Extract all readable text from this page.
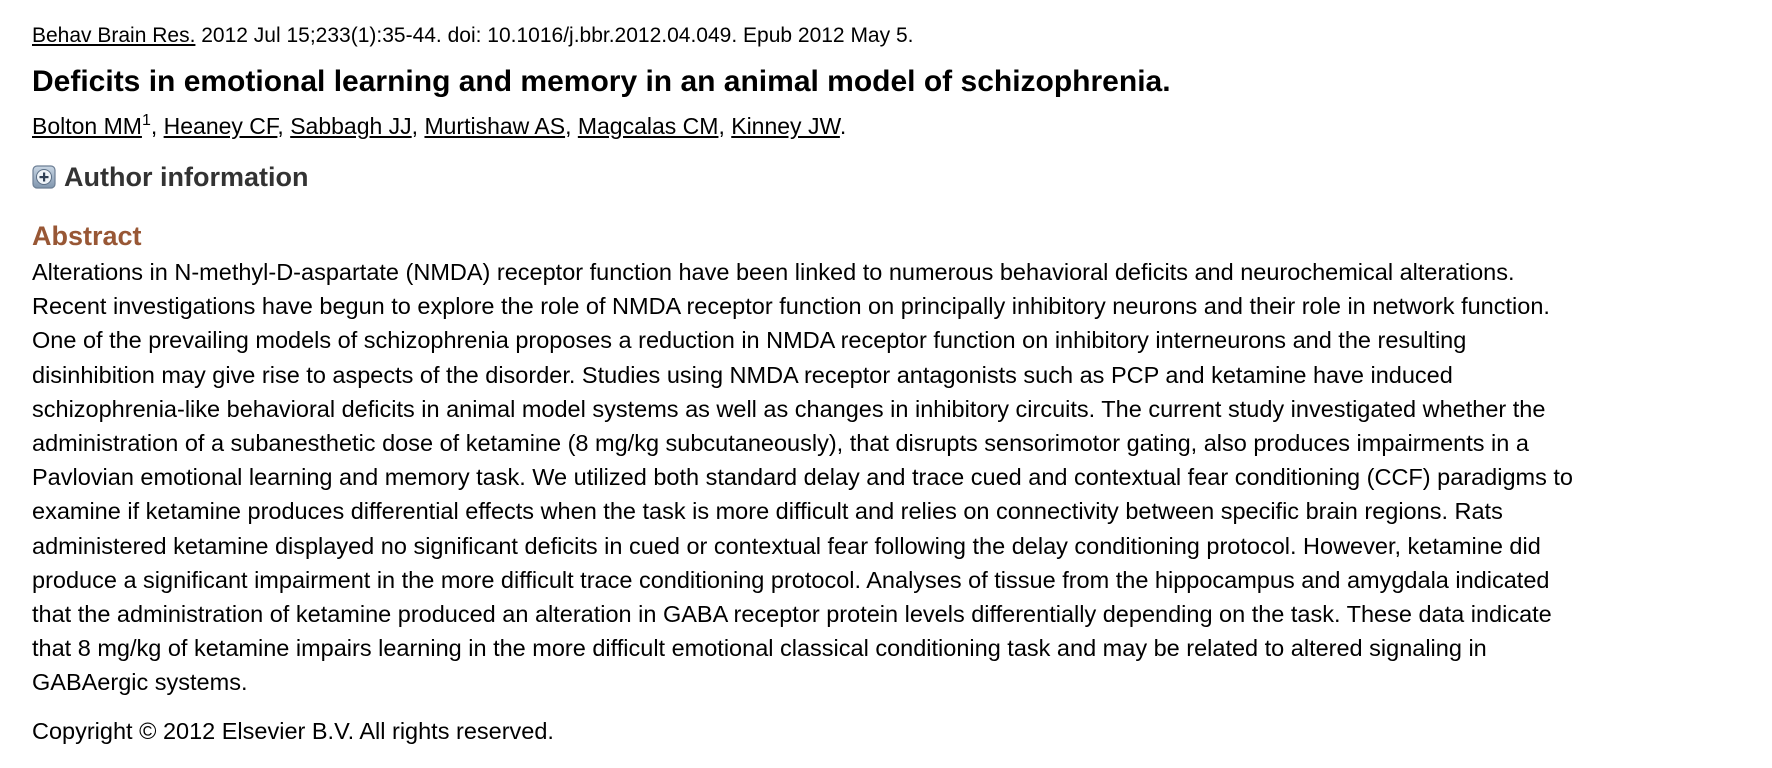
Behav Brain Res. 2012 Jul 15;233(1):35-44. doi: 10.1016/j.bbr.2012.04.049. Epub 2012 May 5.
Deficits in emotional learning and memory in an animal model of schizophrenia.
Bolton $MM^1$, Heaney CF, Sabbagh JJ, Murtishaw AS, Magcalas CM, Kinney JW.
Author information
Abstract
Alterations in N-methyl-D-aspartate (NMDA) receptor function have been linked to numerous behavioral deficits and neurochemical alterations.
Recent investigations have begun to explore the role of NMDA receptor function on principally inhibitory neurons and their role in network function.
One of the prevailing models of schizophrenia proposes a reduction in NMDA receptor function on inhibitory interneurons and the resulting
disinhibition may give rise to aspects of the disorder. Studies using NMDA receptor antagonists such as PCP and ketamine have induced
schizophrenia-like behavioral deficits in animal model systems as well as changes in inhibitory circuits. The current study investigated whether the
administration of a subanesthetic dose of ketamine (8 mg/kg subcutaneously), that disrupts sensorimotor gating, also produces impairments in a
Pavlovian emotional learning and memory task. We utilized both standard delay and trace cued and contextual fear conditioning (CCF) paradigms to
examine if ketamine produces differential effects when the task is more difficult and relies on connectivity between specific brain regions. Rats
administered ketamine displayed no significant deficits in cued or contextual fear following the delay conditioning protocol. However, ketamine did
produce a significant impairment in the more difficult trace conditioning protocol. Analyses of tissue from the hippocampus and amygdala indicated
that the administration of ketamine produced an alteration in GABA receptor protein levels differentially depending on the task. These data indicate
that 8 mg/kg of ketamine impairs learning in the more difficult emotional classical conditioning task and may be related to altered signaling in
GABAergic systems.
Copyright © 2012 Elsevier B.V. All rights reserved.
